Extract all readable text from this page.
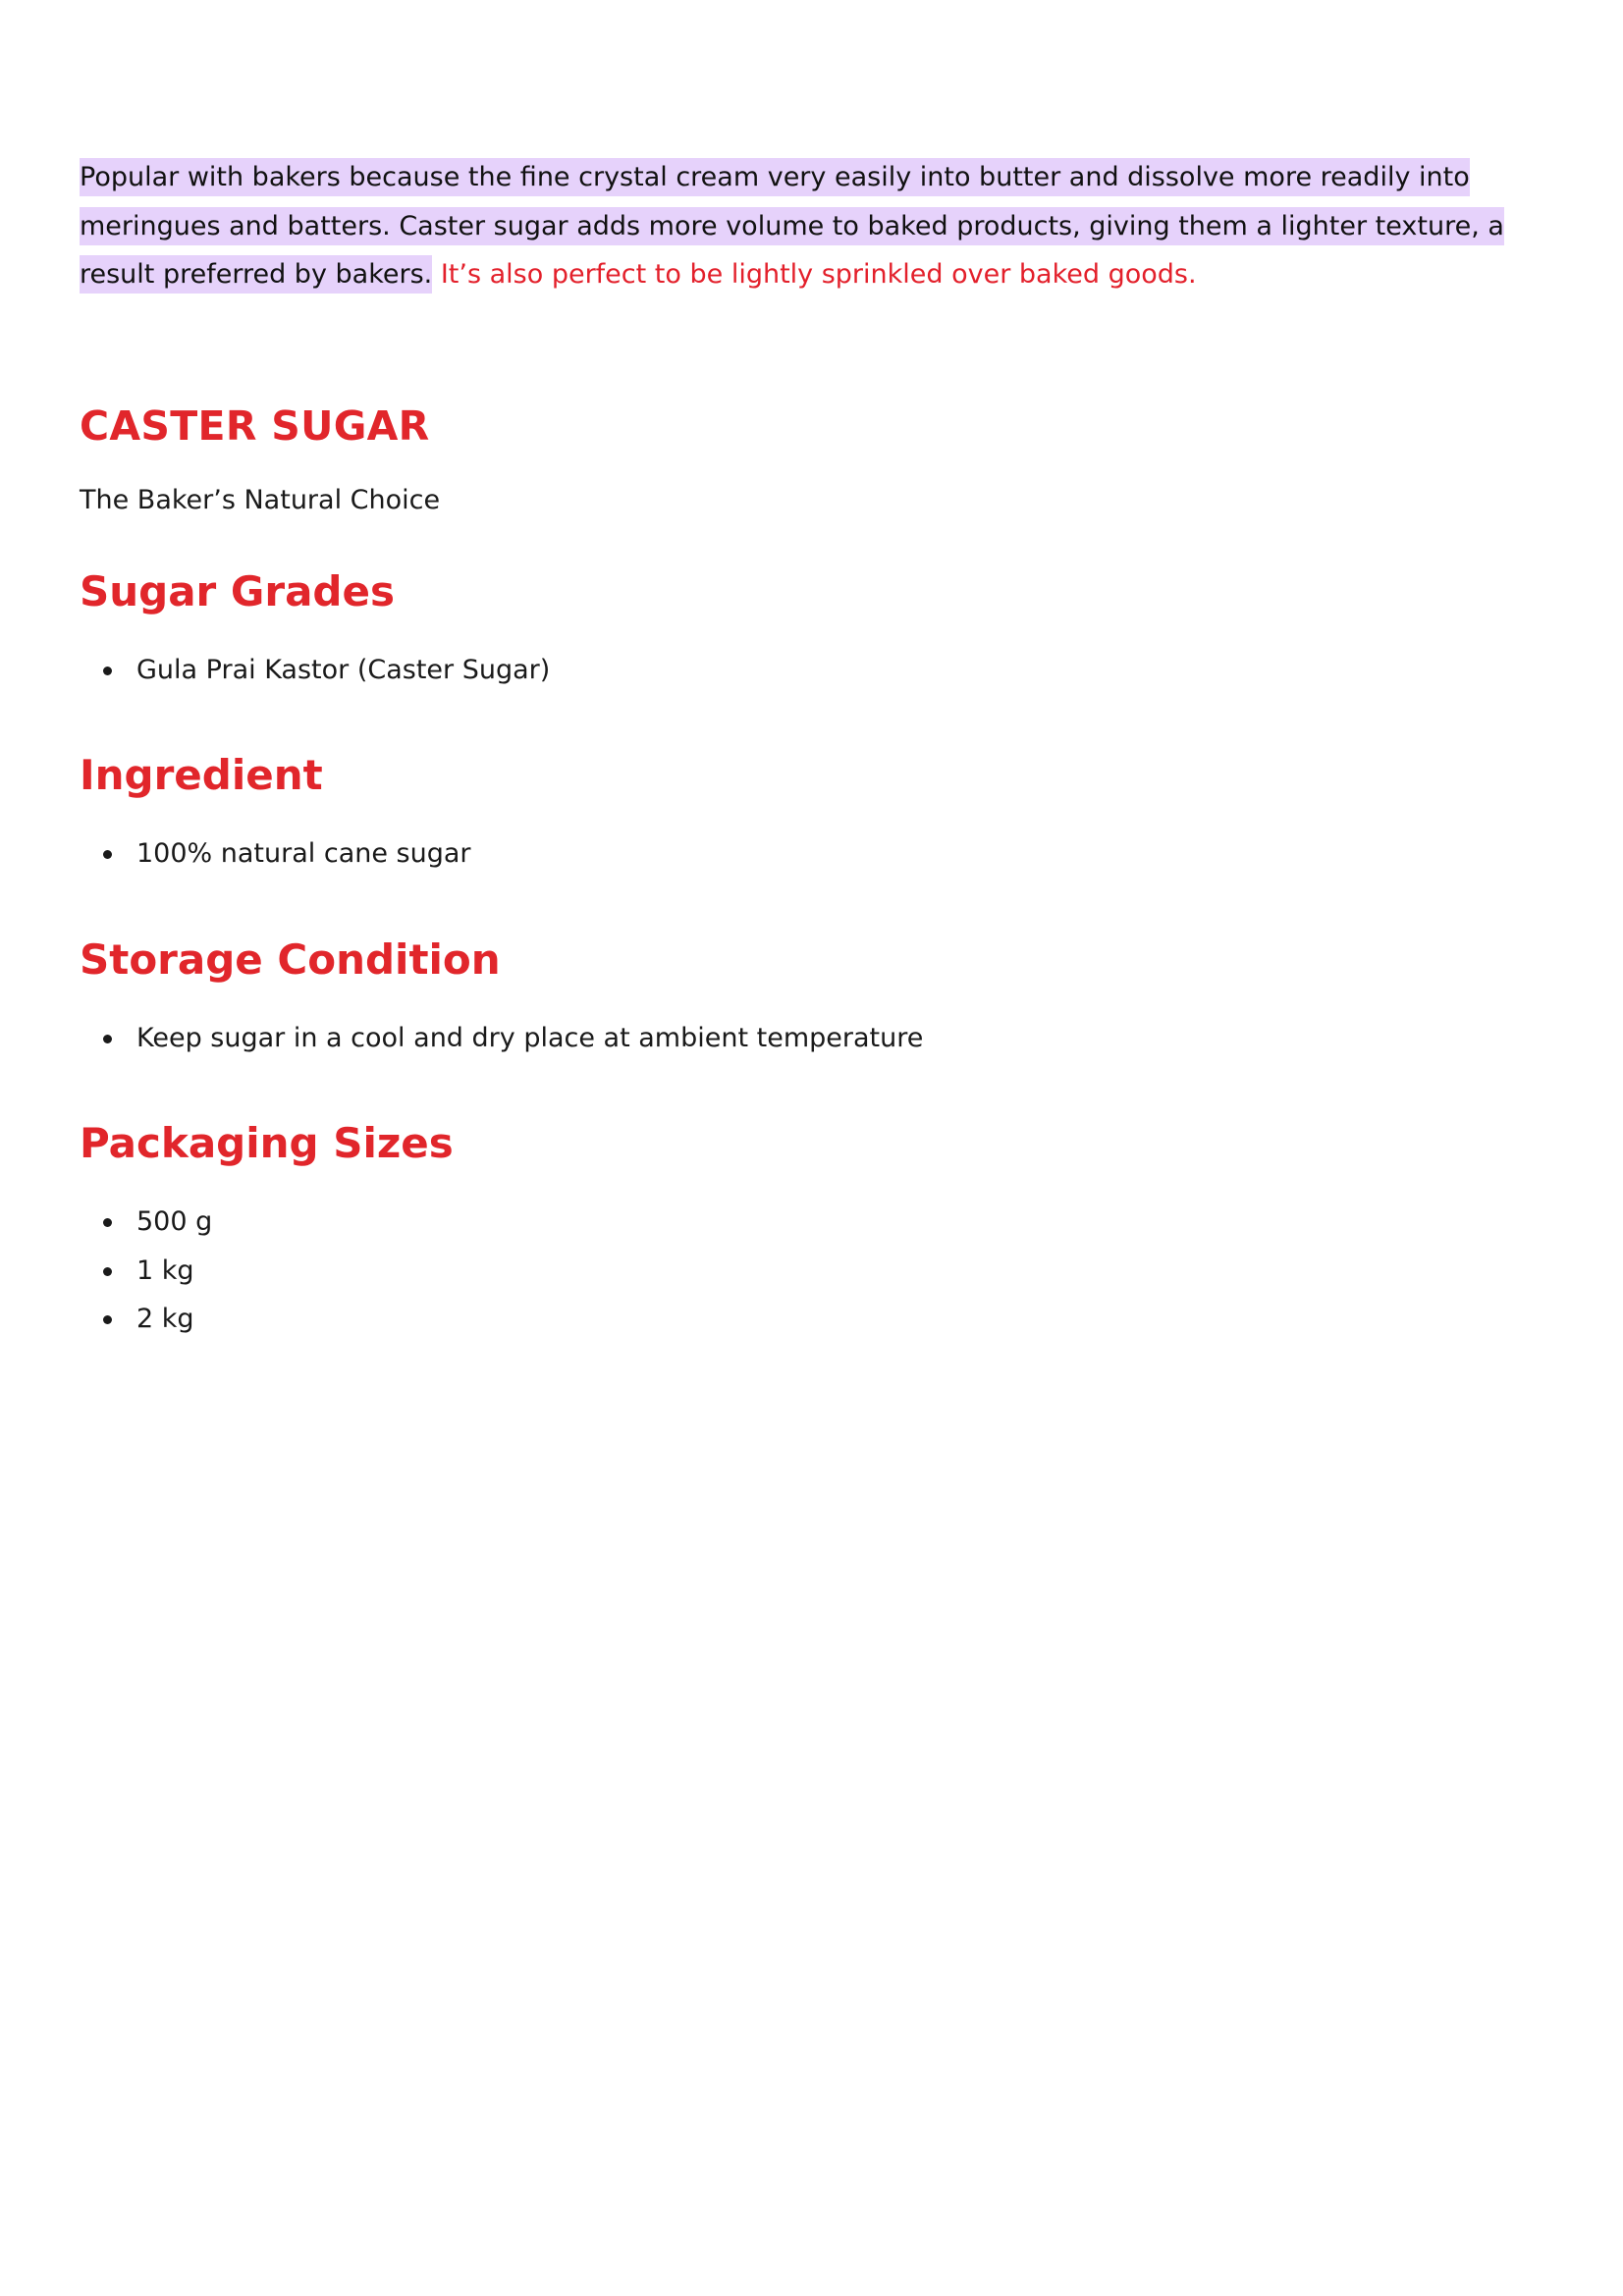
Popular with bakers because the fine crystal cream very easily into butter and dissolve more readily into meringues and batters. Caster sugar adds more volume to baked products, giving them a lighter texture, a result preferred by bakers. It’s also perfect to be lightly sprinkled over baked goods.

CASTER SUGAR

The Baker’s Natural Choice

Sugar Grades
Gula Prai Kastor (Caster Sugar)
Ingredient
100% natural cane sugar
Storage Condition
Keep sugar in a cool and dry place at ambient temperature
Packaging Sizes
500 g
1 kg
2 kg
